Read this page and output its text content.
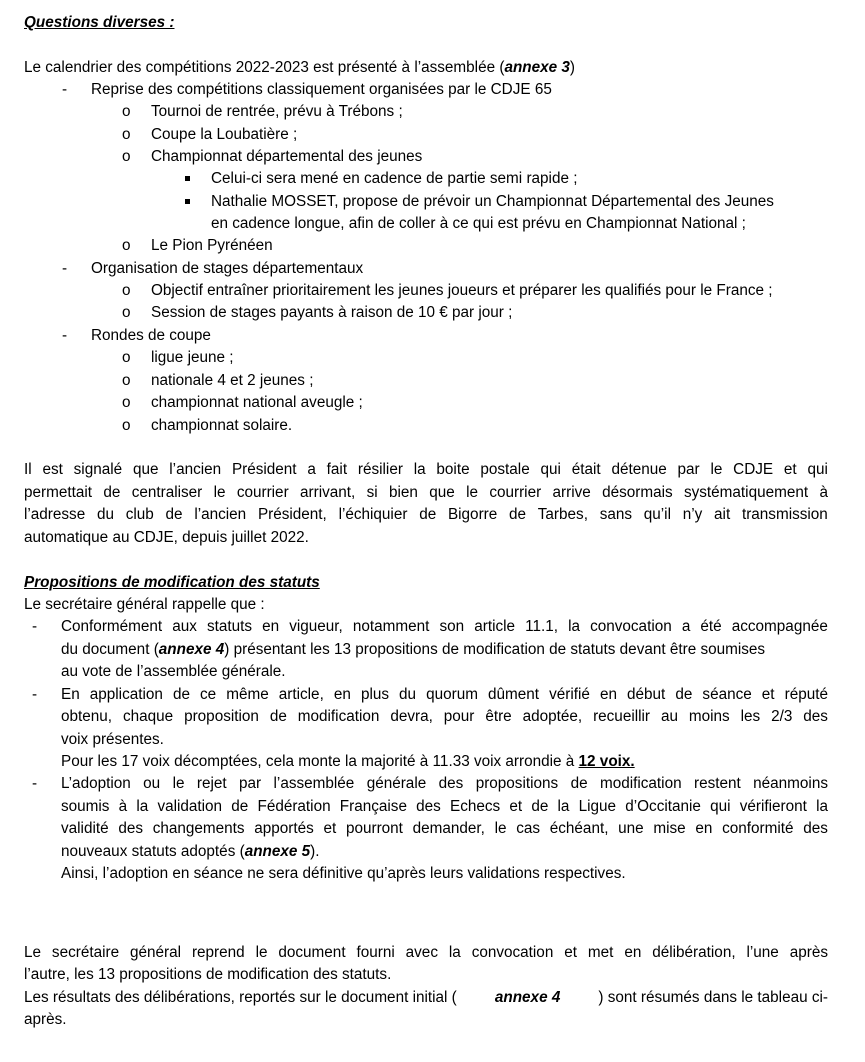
Questions diverses :
Le calendrier des compétitions 2022-2023 est présenté à l’assemblée (annexe 3)
- Reprise des compétitions classiquement organisées par le CDJE 65
o Tournoi de rentrée, prévu à Trébons ;
o Coupe la Loubatière ;
o Championnat départemental des jeunes
Celui-ci sera mené en cadence de partie semi rapide ;
Nathalie MOSSET, propose de prévoir un Championnat Départemental des Jeunes
en cadence longue, afin de coller à ce qui est prévu en Championnat National ;
o Le Pion Pyrénéen
- Organisation de stages départementaux
o Objectif entraîner prioritairement les jeunes joueurs et préparer les qualifiés pour le France ;
o Session de stages payants à raison de 10 € par jour ;
- Rondes de coupe
o ligue jeune ;
o nationale 4 et 2 jeunes ;
o championnat national aveugle ;
o championnat solaire.
Il est signalé que l’ancien Président a fait résilier la boite postale qui était détenue par le CDJE et qui
permettait de centraliser le courrier arrivant, si bien que le courrier arrive désormais systématiquement à
l’adresse du club de l’ancien Président, l’échiquier de Bigorre de Tarbes, sans qu’il n’y ait transmission
automatique au CDJE, depuis juillet 2022.
Propositions de modification des statuts
Le secrétaire général rappelle que :
- Conformément aux statuts en vigueur, notamment son article 11.1, la convocation a été accompagnée
du document (annexe 4) présentant les 13 propositions de modification de statuts devant être soumises
au vote de l’assemblée générale.
- En application de ce même article, en plus du quorum dûment vérifié en début de séance et réputé
obtenu, chaque proposition de modification devra, pour être adoptée, recueillir au moins les 2/3 des
voix présentes.
Pour les 17 voix décomptées, cela monte la majorité à 11.33 voix arrondie à 12 voix.
- L’adoption ou le rejet par l’assemblée générale des propositions de modification restent néanmoins
soumis à la validation de Fédération Française des Echecs et de la Ligue d’Occitanie qui vérifieront la
validité des changements apportés et pourront demander, le cas échéant, une mise en conformité des
nouveaux statuts adoptés (annexe 5).
Ainsi, l’adoption en séance ne sera définitive qu’après leurs validations respectives.
Le secrétaire général reprend le document fourni avec la convocation et met en délibération, l’une après
l’autre, les 13 propositions de modification des statuts.
Les résultats des délibérations, reportés sur le document initial ( annexe 4 ) sont résumés dans le tableau ci-
après.
